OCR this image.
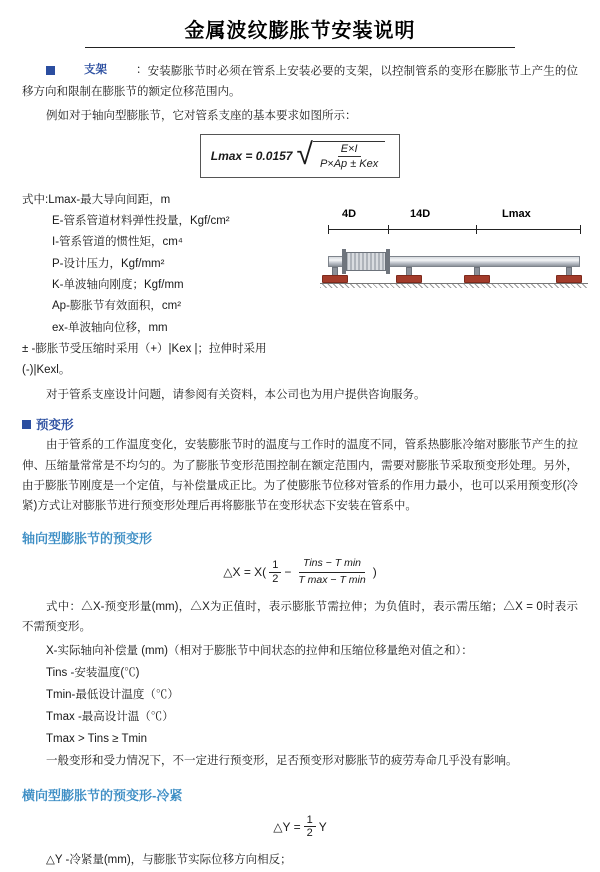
金属波纹膨胀节安装说明

支架	：安装膨胀节时必须在管系上安装必要的支架，以控制管系的变形在膨胀节上产生的位移方向和限制在膨胀节的额定位移范围内。

例如对于轴向型膨胀节，它对管系支座的基本要求如图所示：

Lmax = 0.0157 √ $\frac{E\times I}{\text{P×Ap ± Kex}}$
式中:Lmax-最大导向间距，m
E-管系管道材料弹性投量，Kgf/cm²
I-管系管道的惯性矩，cm⁴
P-设计压力，Kgf/mm²
K-单波轴向刚度；Kgf/mm
Ap-膨胀节有效面积，cm²
ex-单波轴向位移，mm
± -膨胀节受压缩时采用（+）|Kex |；拉伸时采用(-)|Kexl。
4D	14D	Lmax

对于管系支座设计问题，请参阅有关资料，本公司也为用户提供咨询服务。

预变形

由于管系的工作温度变化，安装膨胀节时的温度与工作时的温度不同，管系热膨胀冷缩对膨胀节产生的拉伸、压缩量常常是不均匀的。为了膨胀节变形范围控制在额定范围内，需要对膨胀节采取预变形处理。另外，由于膨胀节刚度是一个定值，与补偿量成正比。为了使膨胀节位移对管系的作用力最小，也可以采用预变形(冷紧)方式让对膨胀节进行预变形处理后再将膨胀节在变形状态下安装在管系中。

轴向型膨胀节的预变形
△X = $X( \frac{1}{2}$ −
Tins − T min
T max − T min
)

式中：△X-预变形量(mm)，△X为正值时，表示膨胀节需拉伸；为负值时，表示需压缩；△X = 0时表示不需预变形。

X-实际轴向补偿量 (mm)（相对于膨胀节中间状态的拉伸和压缩位移量绝对值之和）：
Tins -安装温度(℃)
Tmin-最低设计温度（℃）
Tmax -最高设计温（℃）
Tmax > Tins ≥ Tmin
一般变形和受力情况下，不一定进行预变形，足否预变形对膨胀节的疲劳寿命几乎没有影响。
横向型膨胀节的预变形-冷紧
△Y = $\frac{1}{2}$ Y
△Y -冷紧量(mm)，与膨胀节实际位移方向相反；
